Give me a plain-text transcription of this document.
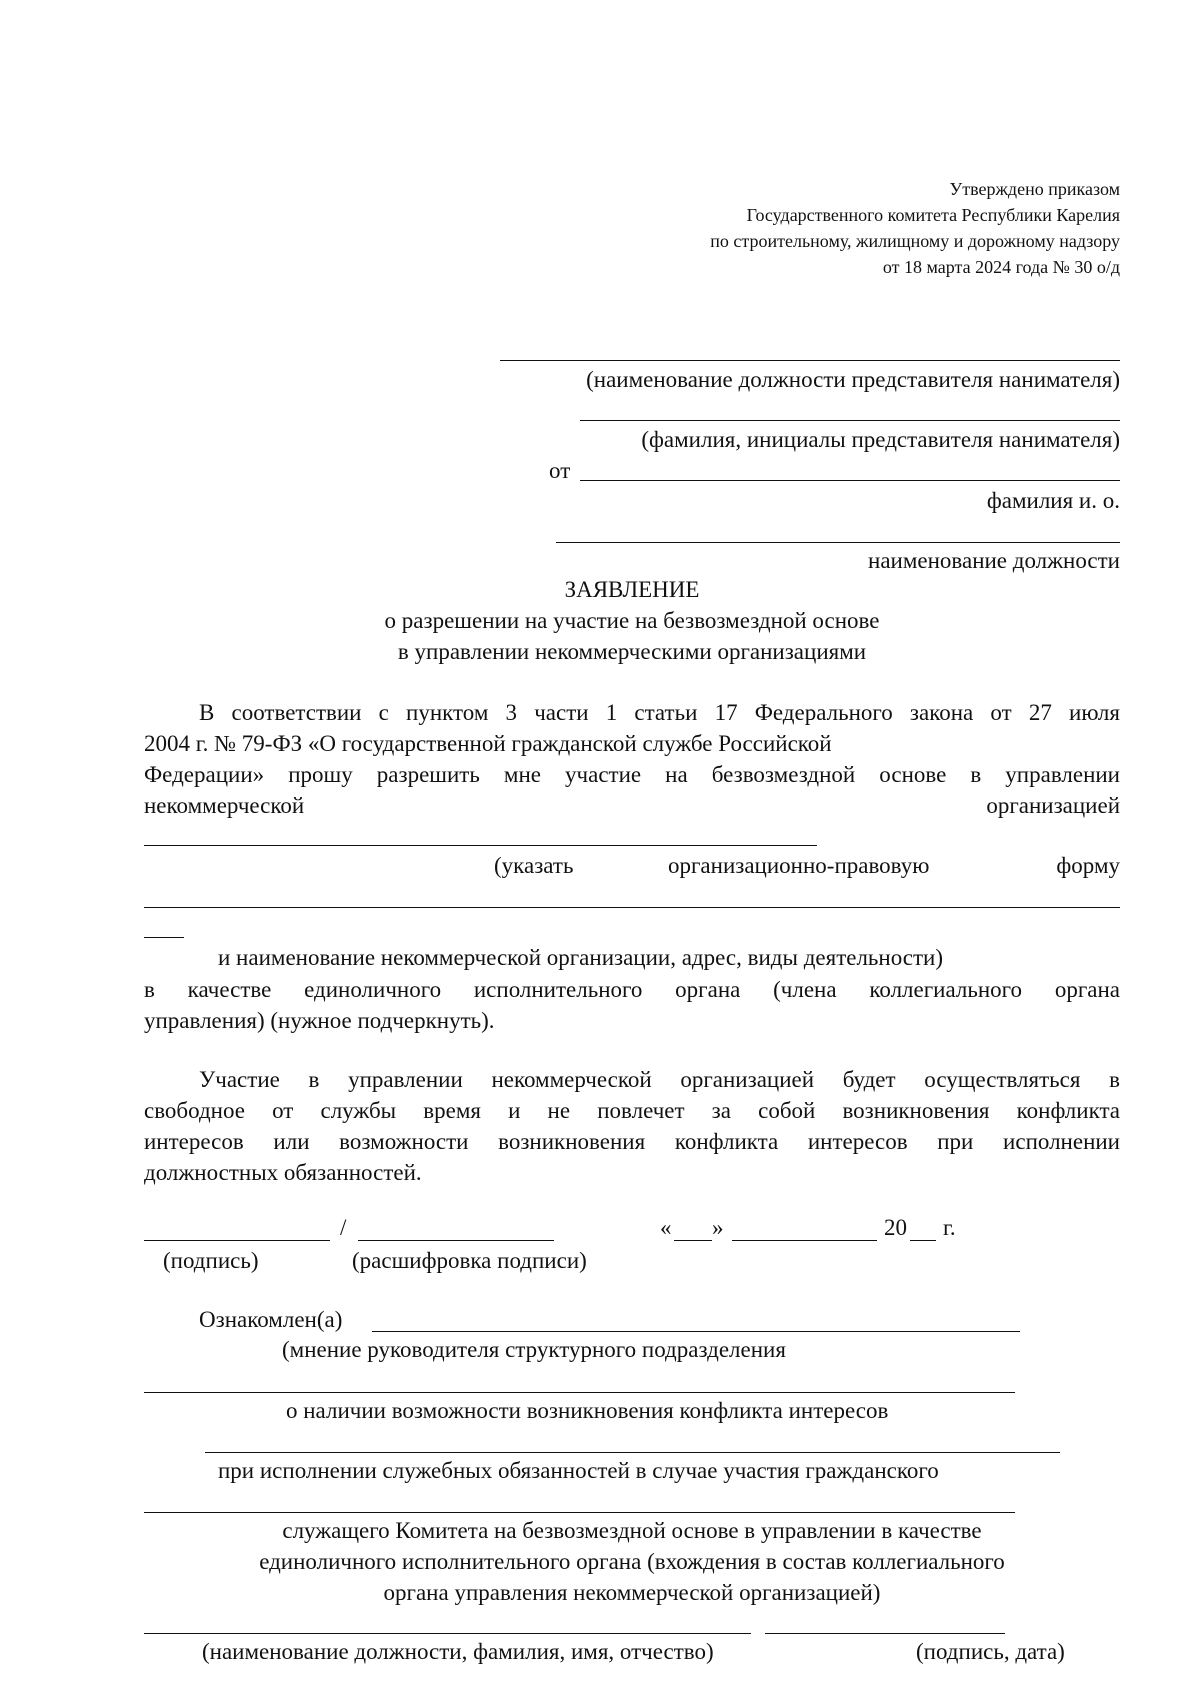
Утверждено приказом
Государственного комитета Республики Карелия
по строительному, жилищному и дорожному надзору
от 18 марта 2024 года № 30 о/д
(наименование должности представителя нанимателя)
(фамилия, инициалы представителя нанимателя)
от
фамилия и. о.
наименование должности
ЗАЯВЛЕНИЕ
о разрешении на участие на безвозмездной основе
в управлении некоммерческими организациями
В соответствии с пунктом 3 части 1 статьи 17 Федерального закона от 27 июля
2004 г. № 79-ФЗ «О государственной гражданской службе Российской
Федерации» прошу разрешить мне участие на безвозмездной основе в управлении
некоммерческой	организацией
(указать	организационно-правовую	форму
и наименование некоммерческой организации, адрес, виды деятельности)
в качестве единоличного исполнительного органа (члена коллегиального органа
управления) (нужное подчеркнуть).
Участие в управлении некоммерческой организацией будет осуществляться в
свободное от службы время и не повлечет за собой возникновения конфликта
интересов или возможности возникновения конфликта интересов при исполнении
должностных обязанностей.
/	« »	20 г.
(подпись)	(расшифровка подписи)
Ознакомлен(а)
(мнение руководителя структурного подразделения
о наличии возможности возникновения конфликта интересов
при исполнении служебных обязанностей в случае участия гражданского
служащего Комитета на безвозмездной основе в управлении в качестве
единоличного исполнительного органа (вхождения в состав коллегиального
органа управления некоммерческой организацией)
(наименование должности, фамилия, имя, отчество)	(подпись, дата)
